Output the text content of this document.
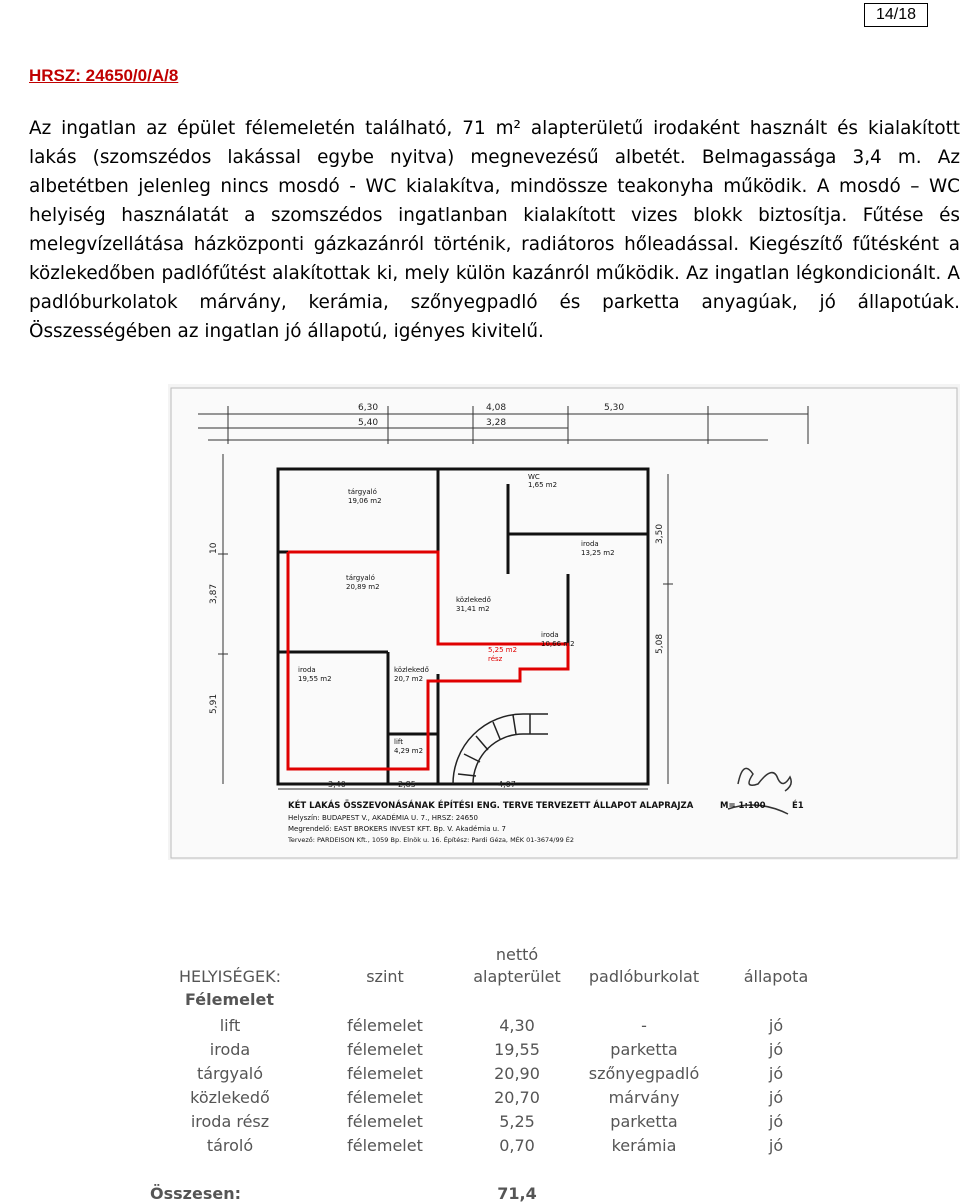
14/18
HRSZ: 24650/0/A/8
Az ingatlan az épület félemeletén található, 71 m² alapterületű irodaként használt és kialakított lakás (szomszédos lakással egybe nyitva) megnevezésű albetét. Belmagassága 3,4 m. Az albetétben jelenleg nincs mosdó - WC kialakítva, mindössze teakonyha működik. A mosdó – WC helyiség használatát a szomszédos ingatlanban kialakított vizes blokk biztosítja. Fűtése és melegvízellátása házközponti gázkazánról történik, radiátoros hőleadással. Kiegészítő fűtésként a közlekedőben padlófűtést alakítottak ki, mely külön kazánról működik. Az ingatlan légkondicionált. A padlóburkolatok márvány, kerámia, szőnyegpadló és parketta anyagúak, jó állapotúak. Összességében az ingatlan jó állapotú, igényes kivitelű.
6,30
5,40
4,08
3,28
5,30
10
3,87
5,91
3,50
5,08
tárgyaló
19,06 m2
tárgyaló
20,89 m2
iroda
19,55 m2
közlekedő
20,7 m2
közlekedő
31,41 m2
iroda
13,25 m2
iroda
10,66 m2
lift
4,29 m2
5,25 m2
rész
WC
1,65 m2
3,40	2,85	4,07
KÉT LAKÁS ÖSSZEVONÁSÁNAK ÉPÍTÉSI ENG. TERVE TERVEZETT ÁLLAPOT ALAPRAJZA	M= 1:100	É1
Helyszín: BUDAPEST V., AKADÉMIA U. 7., HRSZ: 24650
Megrendelő: EAST BROKERS INVEST KFT. Bp. V. Akadémia u. 7
Tervező: PARDEISON Kft., 1059 Bp. Elnök u. 16. Építész: Pardi Géza, MÉK 01-3674/99 É2
nettó
HELYISÉGEK:	szint	alapterület	padlóburkolat	állapota
Félemelet
lift	félemelet	4,30	-	jó
iroda	félemelet	19,55	parketta	jó
tárgyaló	félemelet	20,90	szőnyegpadló	jó
közlekedő	félemelet	20,70	márvány	jó
iroda rész	félemelet	5,25	parketta	jó
tároló	félemelet	0,70	kerámia	jó
Összesen:	71,4
